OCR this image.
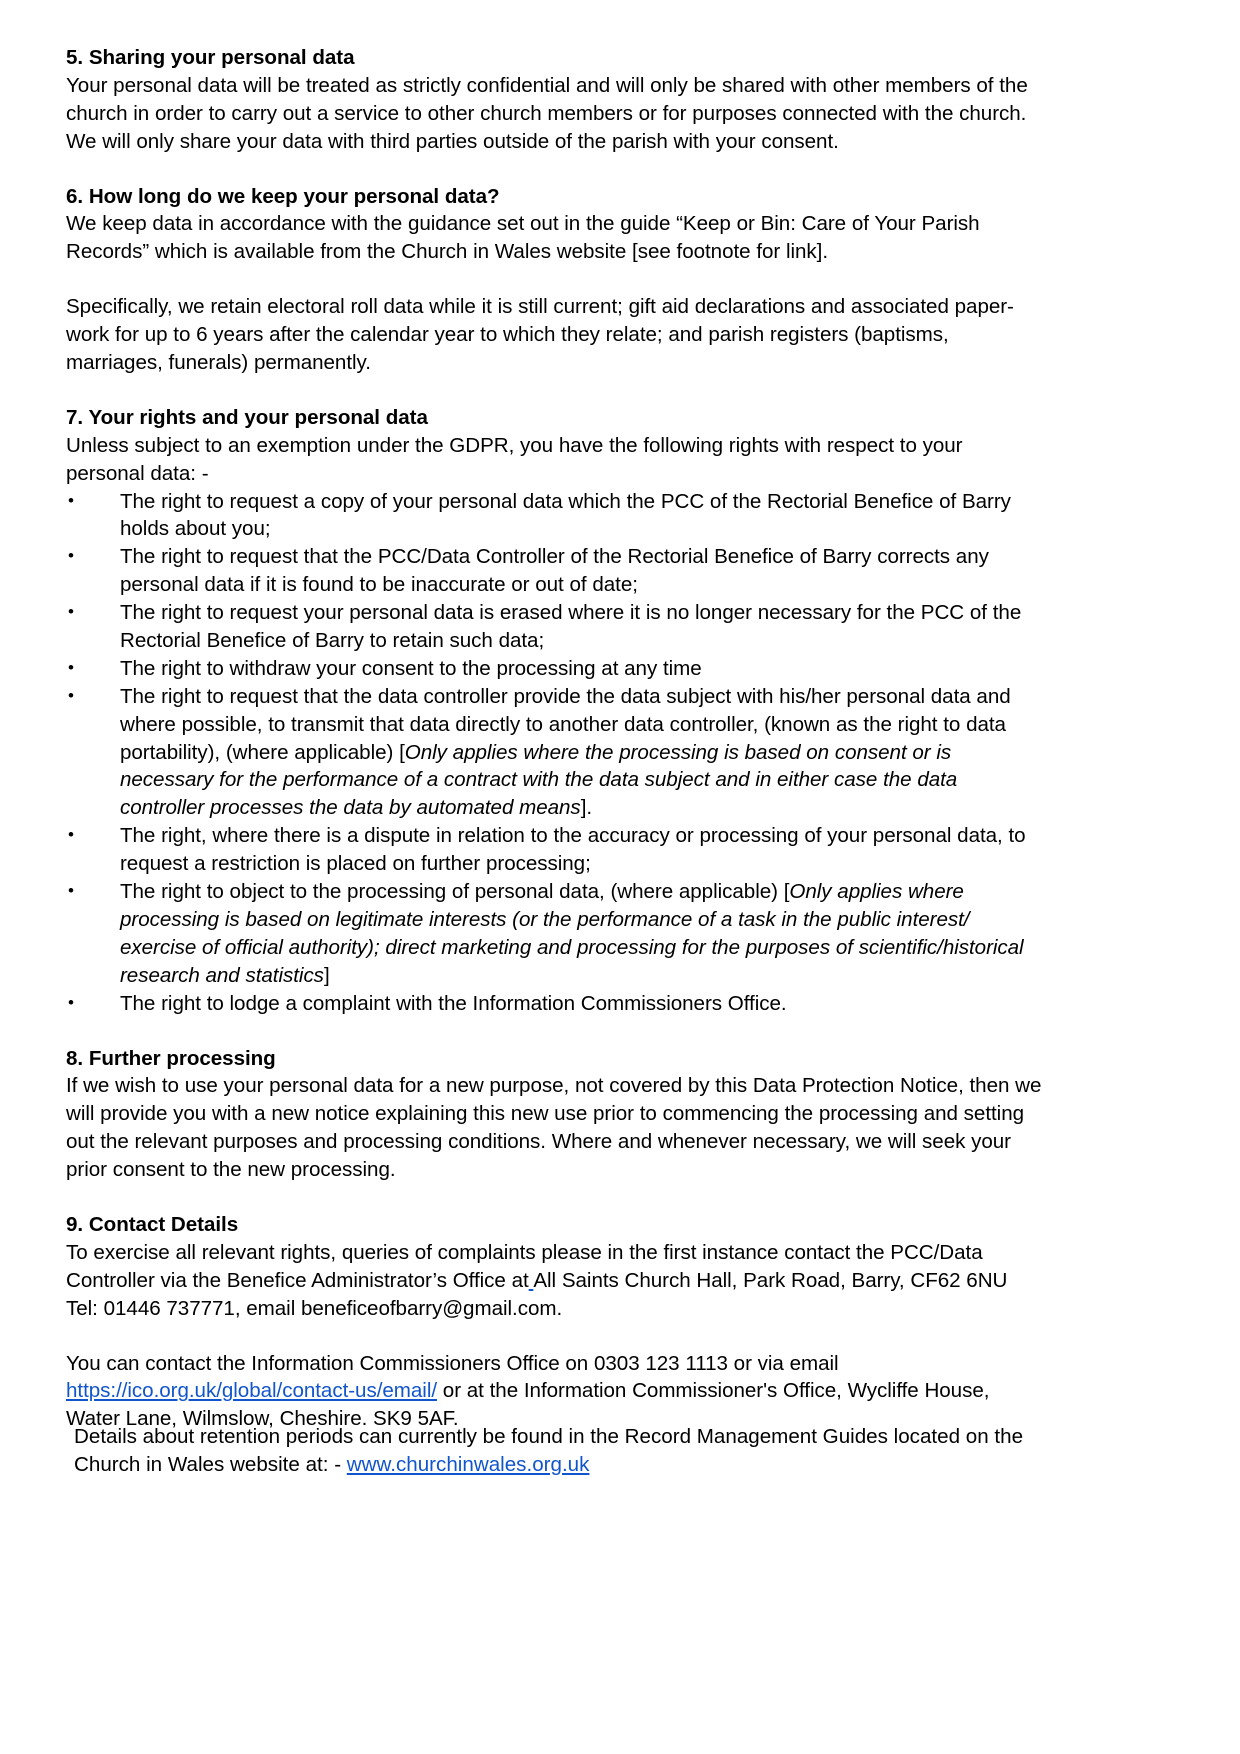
5. Sharing your personal data

Your personal data will be treated as strictly confidential and will only be shared with other members of the church in order to carry out a service to other church members or for purposes connected with the church. We will only share your data with third parties outside of the parish with your consent.

6. How long do we keep your personal data?

We keep data in accordance with the guidance set out in the guide “Keep or Bin: Care of Your Parish Records” which is available from the Church in Wales website [see footnote for link].

Specifically, we retain electoral roll data while it is still current; gift aid declarations and associated paper-work for up to 6 years after the calendar year to which they relate; and parish registers (baptisms, marriages, funerals) permanently.

7. Your rights and your personal data

Unless subject to an exemption under the GDPR, you have the following rights with respect to your personal data: -

• The right to request a copy of your personal data which the PCC of the Rectorial Benefice of Barry holds about you;
• The right to request that the PCC/Data Controller of the Rectorial Benefice of Barry corrects any personal data if it is found to be inaccurate or out of date;
• The right to request your personal data is erased where it is no longer necessary for the PCC of the Rectorial Benefice of Barry to retain such data;
• The right to withdraw your consent to the processing at any time
• The right to request that the data controller provide the data subject with his/her personal data and where possible, to transmit that data directly to another data controller, (known as the right to data portability), (where applicable) [Only applies where the processing is based on consent or is necessary for the performance of a contract with the data subject and in either case the data controller processes the data by automated means].
• The right, where there is a dispute in relation to the accuracy or processing of your personal data, to request a restriction is placed on further processing;
• The right to object to the processing of personal data, (where applicable) [Only applies where processing is based on legitimate interests (or the performance of a task in the public interest/ exercise of official authority); direct marketing and processing for the purposes of scientific/historical research and statistics]
• The right to lodge a complaint with the Information Commissioners Office.
8. Further processing

If we wish to use your personal data for a new purpose, not covered by this Data Protection Notice, then we will provide you with a new notice explaining this new use prior to commencing the processing and setting out the relevant purposes and processing conditions. Where and whenever necessary, we will seek your prior consent to the new processing.

9. Contact Details

To exercise all relevant rights, queries of complaints please in the first instance contact the PCC/Data Controller via the Benefice Administrator’s Office at All Saints Church Hall, Park Road, Barry, CF62 6NU Tel: 01446 737771, email beneficeofbarry@gmail.com.

You can contact the Information Commissioners Office on 0303 123 1113 or via email https://ico.org.uk/global/contact-us/email/ or at the Information Commissioner's Office, Wycliffe House, Water Lane, Wilmslow, Cheshire. SK9 5AF.

Details about retention periods can currently be found in the Record Management Guides located on the Church in Wales website at: - www.churchinwales.org.uk
